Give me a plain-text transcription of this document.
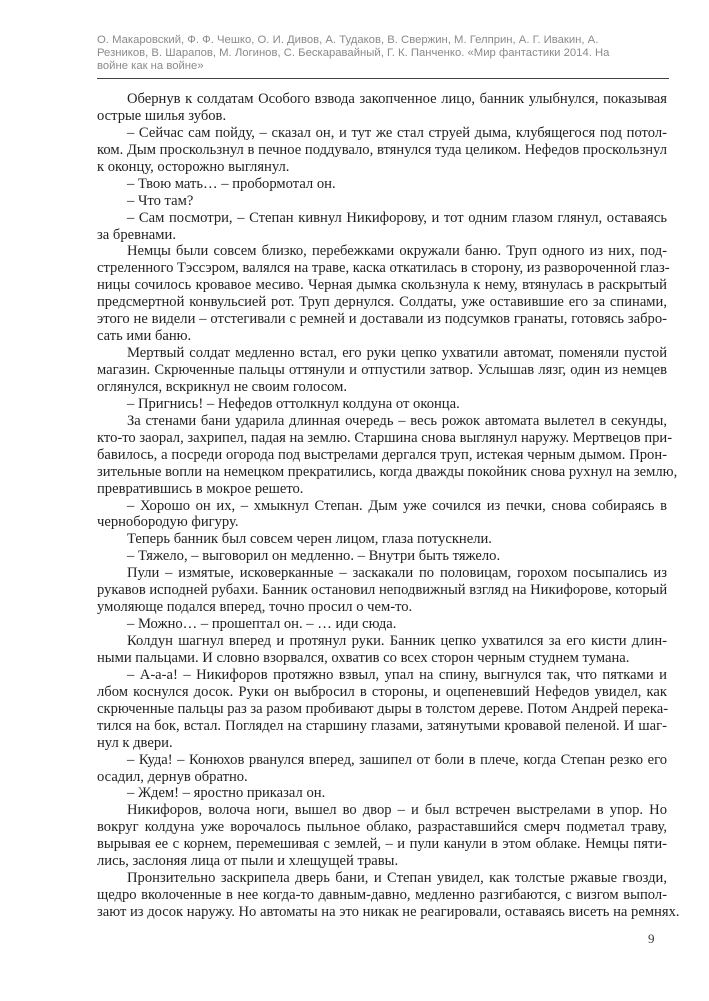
О. Макаровский, Ф. Ф. Чешко, О. И. Дивов, А. Тудаков, В. Свержин, М. Гелприн, А. Г. Ивакин, А.
Резников, В. Шарапов, М. Логинов, С. Бескаравайный, Г. К. Панченко. «Мир фантастики 2014. На
войне как на войне»
Обернув к солдатам Особого взвода закопченное лицо, банник улыбнулся, показывая
острые шилья зубов.
– Сейчас сам пойду, – сказал он, и тут же стал струей дыма, клубящегося под потол-
ком. Дым проскользнул в печное поддувало, втянулся туда целиком. Нефедов проскользнул
к оконцу, осторожно выглянул.
– Твою мать… – пробормотал он.
– Что там?
– Сам посмотри, – Степан кивнул Никифорову, и тот одним глазом глянул, оставаясь
за бревнами.
Немцы были совсем близко, перебежками окружали баню. Труп одного из них, под-
стреленного Тэссэром, валялся на траве, каска откатилась в сторону, из развороченной глаз-
ницы сочилось кровавое месиво. Черная дымка скользнула к нему, втянулась в раскрытый
предсмертной конвульсией рот. Труп дернулся. Солдаты, уже оставившие его за спинами,
этого не видели – отстегивали с ремней и доставали из подсумков гранаты, готовясь забро-
сать ими баню.
Мертвый солдат медленно встал, его руки цепко ухватили автомат, поменяли пустой
магазин. Скрюченные пальцы оттянули и отпустили затвор. Услышав лязг, один из немцев
оглянулся, вскрикнул не своим голосом.
– Пригнись! – Нефедов оттолкнул колдуна от оконца.
За стенами бани ударила длинная очередь – весь рожок автомата вылетел в секунды,
кто-то заорал, захрипел, падая на землю. Старшина снова выглянул наружу. Мертвецов при-
бавилось, а посреди огорода под выстрелами дергался труп, истекая черным дымом. Прон-
зительные вопли на немецком прекратились, когда дважды покойник снова рухнул на землю,
превратившись в мокрое решето.
– Хорошо он их, – хмыкнул Степан. Дым уже сочился из печки, снова собираясь в
чернобородую фигуру.
Теперь банник был совсем черен лицом, глаза потускнели.
– Тяжело, – выговорил он медленно. – Внутри быть тяжело.
Пули – измятые, исковерканные – заскакали по половицам, горохом посыпались из
рукавов исподней рубахи. Банник остановил неподвижный взгляд на Никифорове, который
умоляюще подался вперед, точно просил о чем-то.
– Можно… – прошептал он. – … иди сюда.
Колдун шагнул вперед и протянул руки. Банник цепко ухватился за его кисти длин-
ными пальцами. И словно взорвался, охватив со всех сторон черным студнем тумана.
– А-а-а! – Никифоров протяжно взвыл, упал на спину, выгнулся так, что пятками и
лбом коснулся досок. Руки он выбросил в стороны, и оцепеневший Нефедов увидел, как
скрюченные пальцы раз за разом пробивают дыры в толстом дереве. Потом Андрей перека-
тился на бок, встал. Поглядел на старшину глазами, затянутыми кровавой пеленой. И шаг-
нул к двери.
– Куда! – Конюхов рванулся вперед, зашипел от боли в плече, когда Степан резко его
осадил, дернув обратно.
– Ждем! – яростно приказал он.
Никифоров, волоча ноги, вышел во двор – и был встречен выстрелами в упор. Но
вокруг колдуна уже ворочалось пыльное облако, разраставшийся смерч подметал траву,
вырывая ее с корнем, перемешивая с землей, – и пули канули в этом облаке. Немцы пяти-
лись, заслоняя лица от пыли и хлещущей травы.
Пронзительно заскрипела дверь бани, и Степан увидел, как толстые ржавые гвозди,
щедро вколоченные в нее когда-то давным-давно, медленно разгибаются, с визгом выпол-
зают из досок наружу. Но автоматы на это никак не реагировали, оставаясь висеть на ремнях.
9
